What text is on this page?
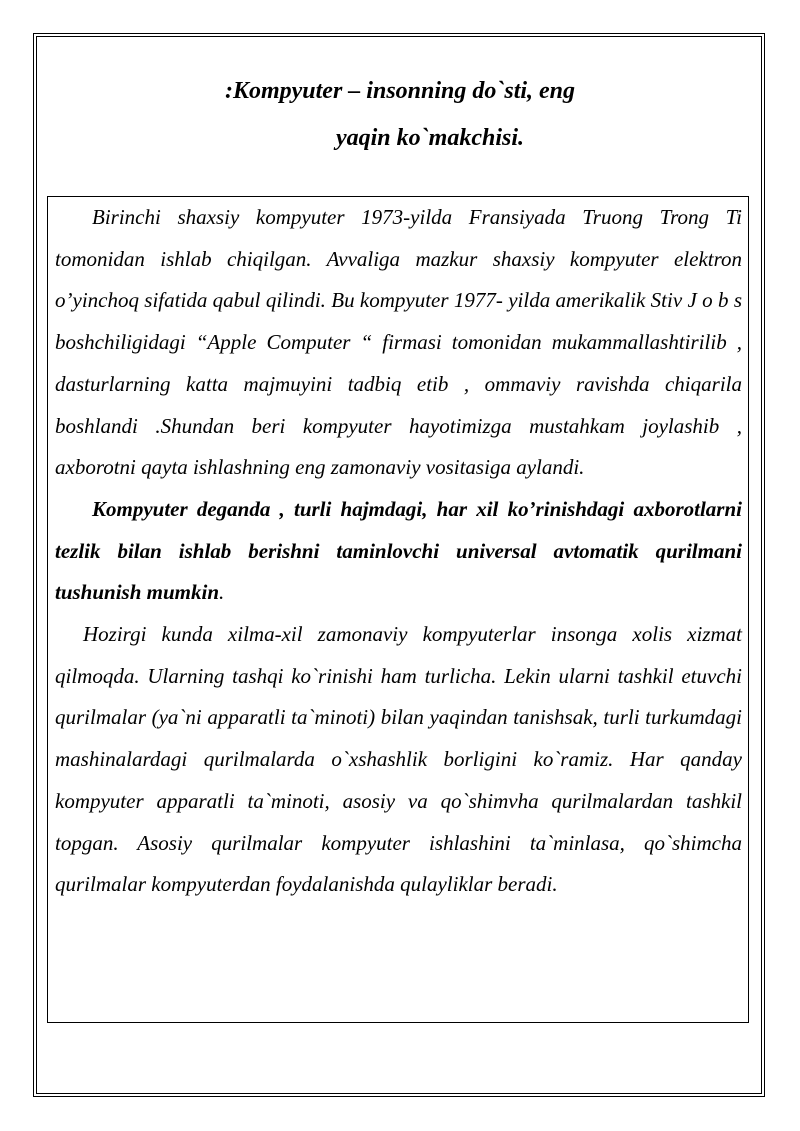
:Kompyuter – insonning do`sti, eng

yaqin ko`makchisi.

Birinchi shaxsiy kompyuter 1973-yilda Fransiyada Truong Trong Ti tomonidan ishlab chiqilgan. Avvaliga mazkur shaxsiy kompyuter elektron o’yinchoq sifatida qabul qilindi. Bu kompyuter 1977- yilda amerikalik Stiv J o b s boshchiligidagi “Apple Computer “ firmasi tomonidan mukammallashtirilib , dasturlarning katta majmuyini tadbiq etib , ommaviy ravishda chiqarila boshlandi .Shundan beri kompyuter hayotimizga mustahkam joylashib , axborotni qayta ishlashning eng zamonaviy vositasiga aylandi.

Kompyuter deganda , turli hajmdagi, har xil ko’rinishdagi axborotlarni tezlik bilan ishlab berishni taminlovchi universal avtomatik qurilmani tushunish mumkin.

Hozirgi kunda xilma-xil zamonaviy kompyuterlar insonga xolis xizmat qilmoqda. Ularning tashqi ko`rinishi ham turlicha. Lekin ularni tashkil etuvchi qurilmalar (ya`ni apparatli ta`minoti) bilan yaqindan tanishsak, turli turkumdagi mashinalardagi qurilmalarda o`xshashlik borligini ko`ramiz. Har qanday kompyuter apparatli ta`minoti, asosiy va qo`shimvha qurilmalardan tashkil topgan. Asosiy qurilmalar kompyuter ishlashini ta`minlasa, qo`shimcha qurilmalar kompyuterdan foydalanishda qulayliklar beradi.
